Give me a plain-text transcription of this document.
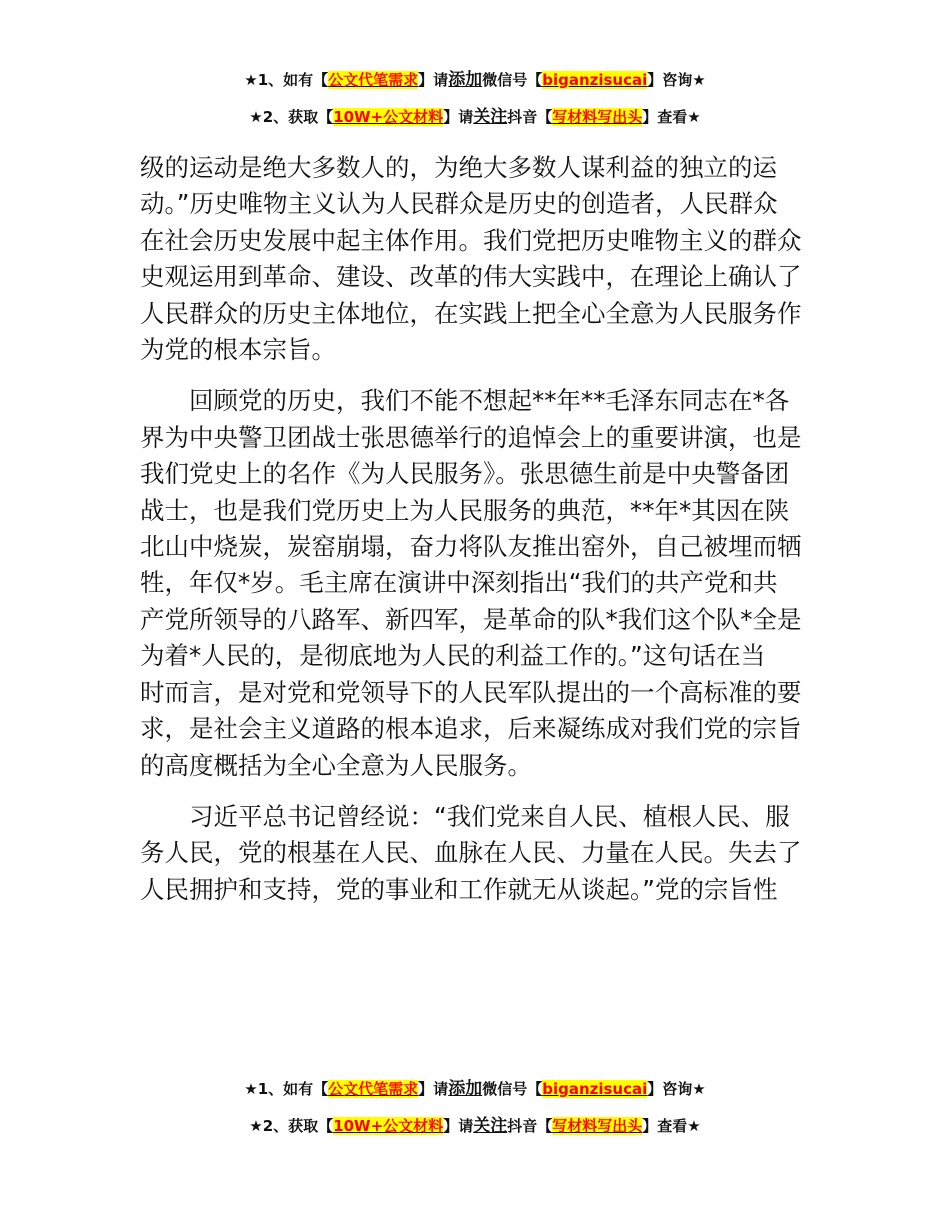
★1、如有【公文代笔需求】请添加微信号【biganzisucai】咨询★
★2、获取【10W+公文材料】请关注抖音【写材料写出头】查看★

级的运动是绝大多数人的，为绝大多数人谋利益的独立的运
动。”历史唯物主义认为人民群众是历史的创造者，人民群众
在社会历史发展中起主体作用。我们党把历史唯物主义的群众
史观运用到革命、建设、改革的伟大实践中，在理论上确认了
人民群众的历史主体地位，在实践上把全心全意为人民服务作
为党的根本宗旨。

回顾党的历史，我们不能不想起**年**毛泽东同志在*各
界为中央警卫团战士张思德举行的追悼会上的重要讲演，也是
我们党史上的名作《为人民服务》。张思德生前是中央警备团
战士，也是我们党历史上为人民服务的典范，**年*其因在陕
北山中烧炭，炭窑崩塌，奋力将队友推出窑外，自己被埋而牺
牲，年仅*岁。毛主席在演讲中深刻指出“我们的共产党和共
产党所领导的八路军、新四军，是革命的队*我们这个队*全是
为着*人民的，是彻底地为人民的利益工作的。”这句话在当
时而言，是对党和党领导下的人民军队提出的一个高标准的要
求，是社会主义道路的根本追求，后来凝练成对我们党的宗旨
的高度概括为全心全意为人民服务。

习近平总书记曾经说：“我们党来自人民、植根人民、服
务人民，党的根基在人民、血脉在人民、力量在人民。失去了
人民拥护和支持，党的事业和工作就无从谈起。”党的宗旨性

★1、如有【公文代笔需求】请添加微信号【biganzisucai】咨询★
★2、获取【10W+公文材料】请关注抖音【写材料写出头】查看★
